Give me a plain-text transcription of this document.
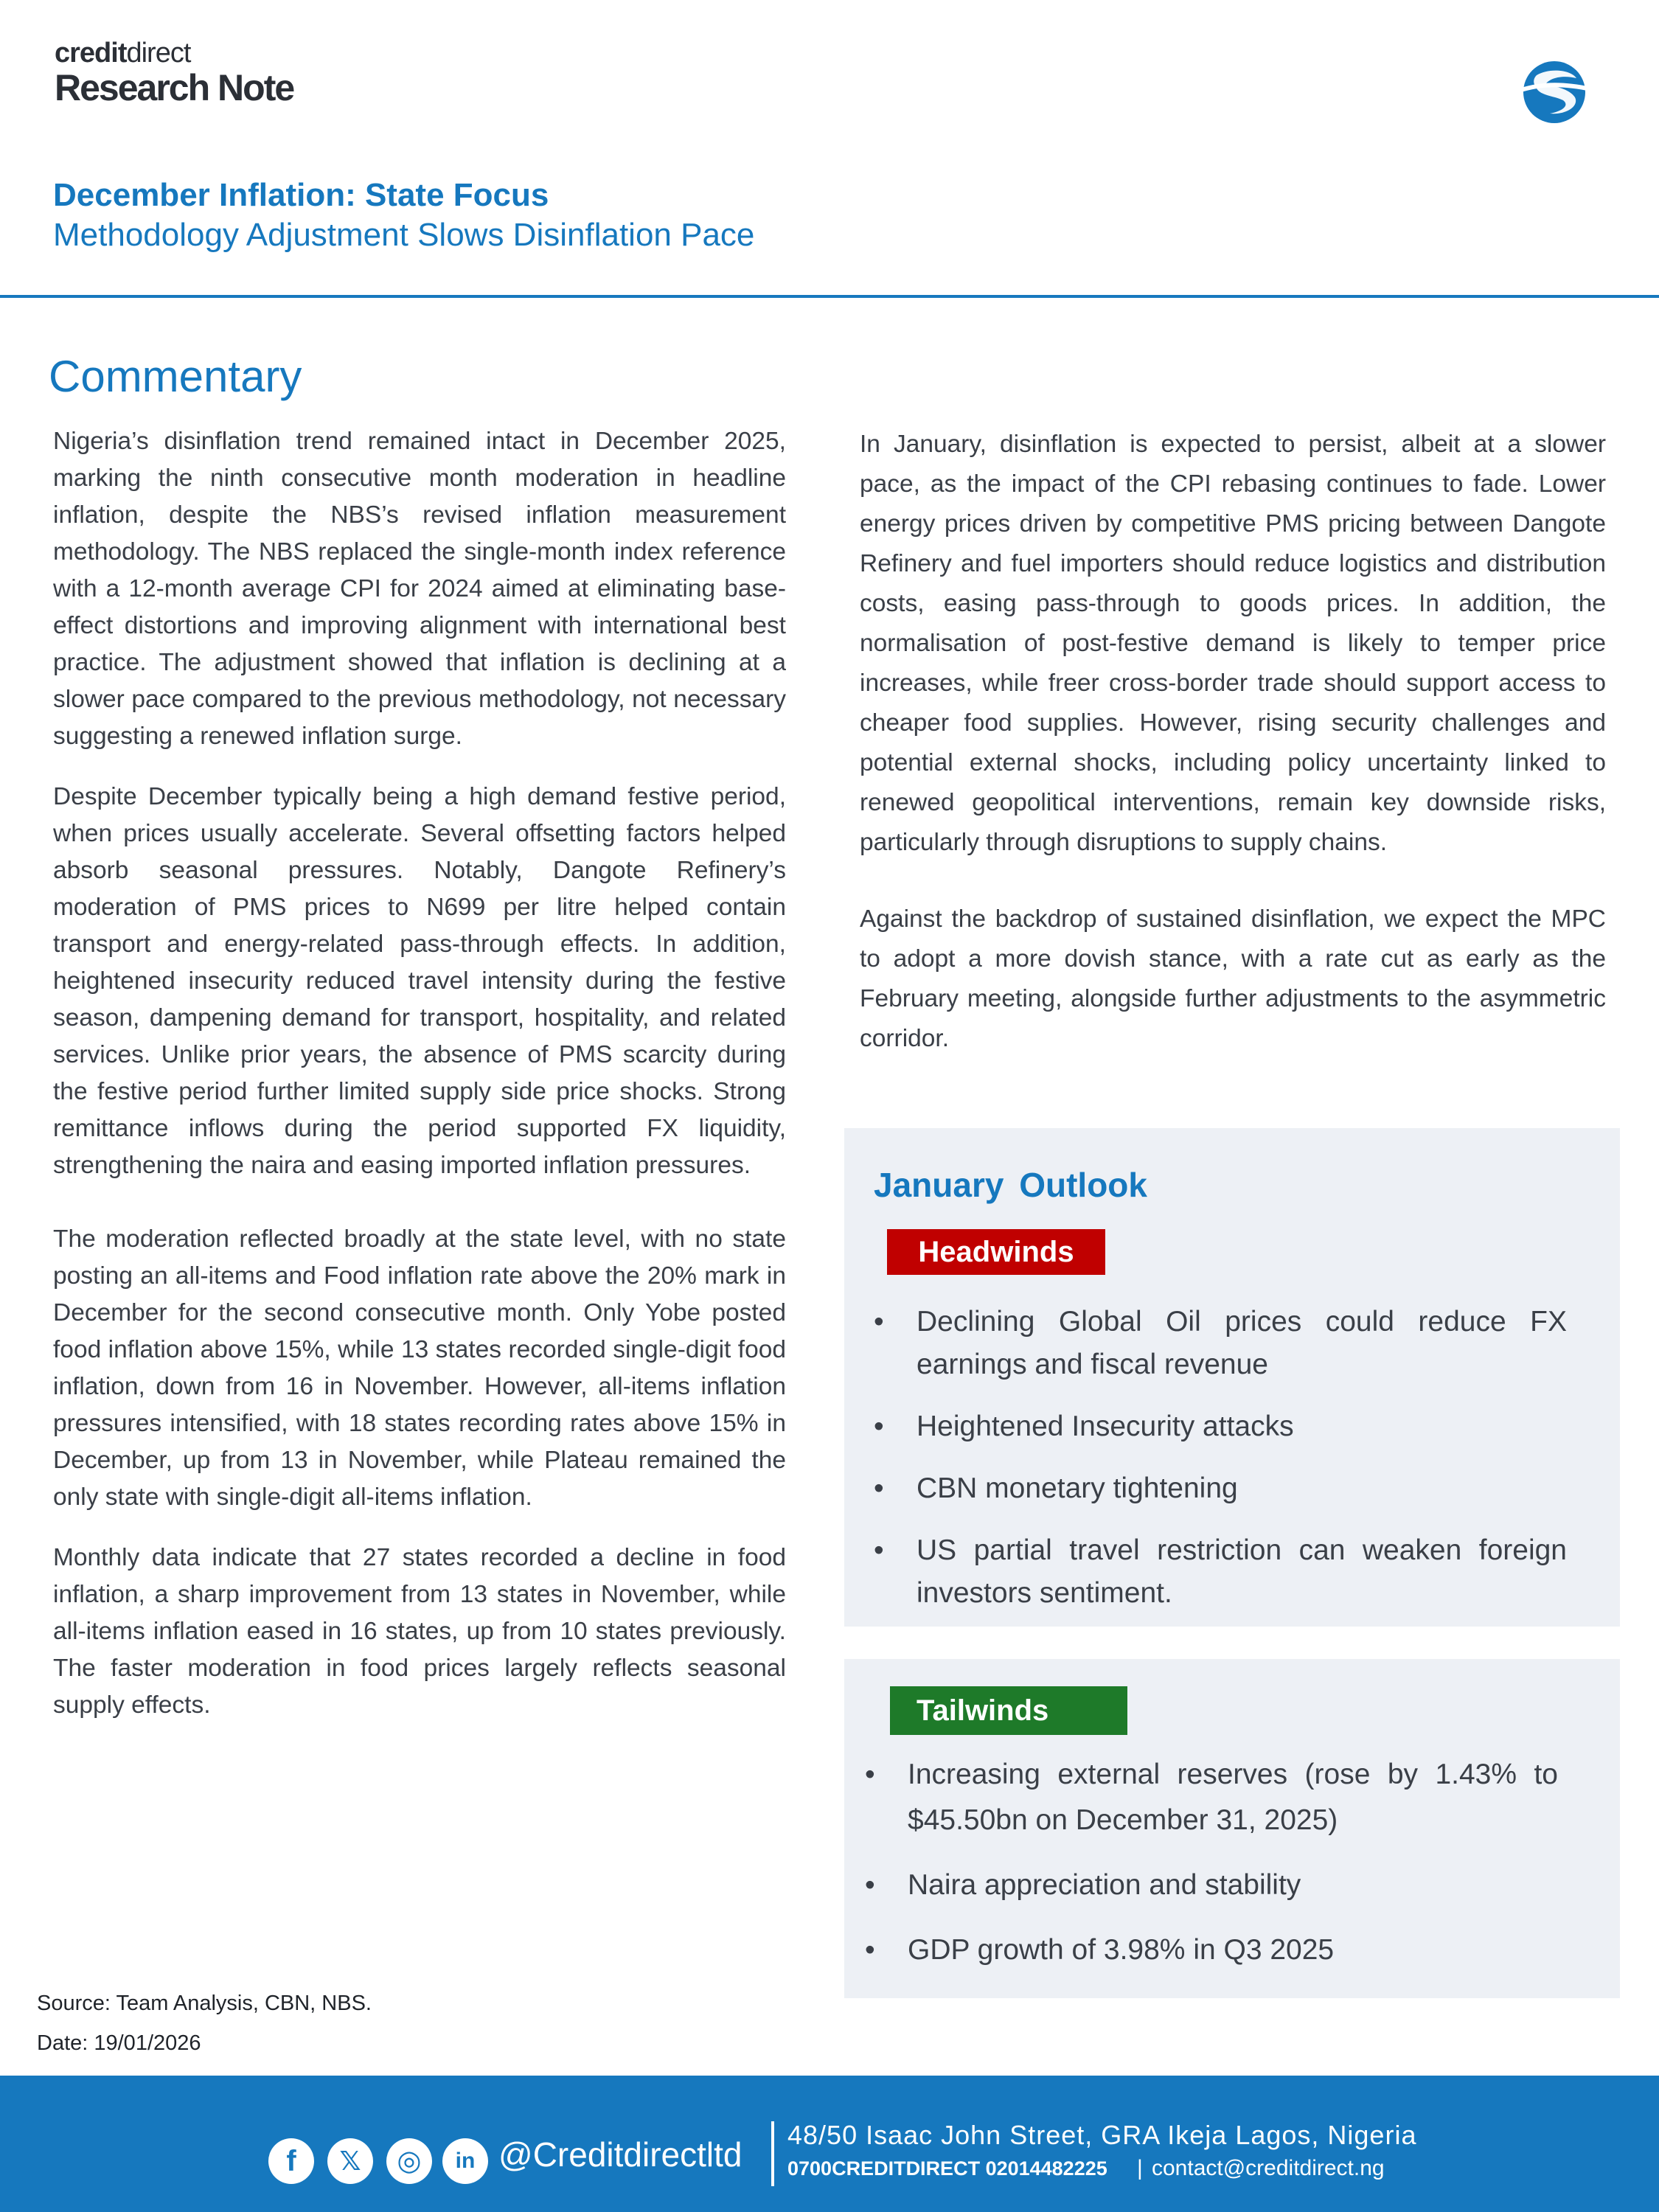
creditdirect
Research Note
December Inflation: State Focus
Methodology Adjustment Slows Disinflation Pace
Commentary

Nigeria’s disinflation trend remained intact in December 2025, marking the ninth consecutive month moderation in headline inflation, despite the NBS’s revised inflation measurement methodology. The NBS replaced the single-month index reference with a 12-month average CPI for 2024 aimed at eliminating base-effect distortions and improving alignment with international best practice. The adjustment showed that inflation is declining at a slower pace compared to the previous methodology, not necessary suggesting a renewed inflation surge.

Despite December typically being a high demand festive period, when prices usually accelerate. Several offsetting factors helped absorb seasonal pressures. Notably, Dangote Refinery’s moderation of PMS prices to N699 per litre helped contain transport and energy-related pass-through effects. In addition, heightened insecurity reduced travel intensity during the festive season, dampening demand for transport, hospitality, and related services. Unlike prior years, the absence of PMS scarcity during the festive period further limited supply side price shocks. Strong remittance inflows during the period supported FX liquidity, strengthening the naira and easing imported inflation pressures.

The moderation reflected broadly at the state level, with no state posting an all-items and Food inflation rate above the 20% mark in December for the second consecutive month. Only Yobe posted food inflation above 15%, while 13 states recorded single-digit food inflation, down from 16 in November. However, all-items inflation pressures intensified, with 18 states recording rates above 15% in December, up from 13 in November, while Plateau remained the only state with single-digit all-items inflation.

Monthly data indicate that 27 states recorded a decline in food inflation, a sharp improvement from 13 states in November, while all-items inflation eased in 16 states, up from 10 states previously. The faster moderation in food prices largely reflects seasonal supply effects.

In January, disinflation is expected to persist, albeit at a slower pace, as the impact of the CPI rebasing continues to fade. Lower energy prices driven by competitive PMS pricing between Dangote Refinery and fuel importers should reduce logistics and distribution costs, easing pass-through to goods prices. In addition, the normalisation of post-festive demand is likely to temper price increases, while freer cross-border trade should support access to cheaper food supplies. However, rising security challenges and potential external shocks, including policy uncertainty linked to renewed geopolitical interventions, remain key downside risks, particularly through disruptions to supply chains.

Against the backdrop of sustained disinflation, we expect the MPC to adopt a more dovish stance, with a rate cut as early as the February meeting, alongside further adjustments to the asymmetric corridor.

January Outlook
Headwinds
• Declining Global Oil prices could reduce FX earnings and fiscal revenue
• Heightened Insecurity attacks
• CBN monetary tightening
• US partial travel restriction can weaken foreign investors sentiment.
Tailwinds
• Increasing external reserves (rose by 1.43% to $45.50bn on December 31, 2025)
• Naira appreciation and stability
• GDP growth of 3.98% in Q3 2025
Source: Team Analysis, CBN, NBS.
Date: 19/01/2026
f	𝕏	◎	in @Creditdirectltd
48/50 Isaac John Street, GRA Ikeja Lagos, Nigeria
0700CREDITDIRECT 02014482225 | contact@creditdirect.ng
